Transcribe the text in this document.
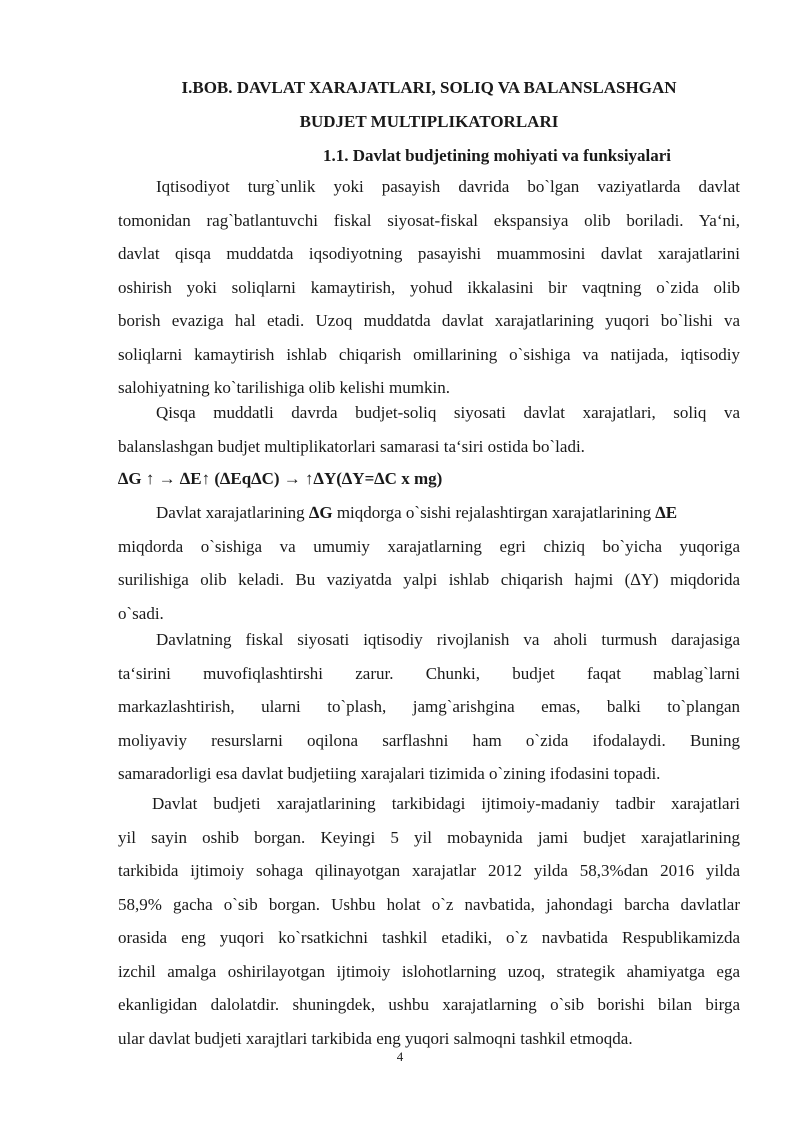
I.BOB. DAVLAT XARAJATLARI, SOLIQ VA BALANSLASHGAN
BUDJET MULTIPLIKATORLARI
1.1. Davlat budjetining mohiyati va funksiyalari
Iqtisodiyot turg`unlik yoki pasayish davrida bo`lgan vaziyatlarda davlat
tomonidan rag`batlantuvchi fiskal siyosat-fiskal ekspansiya olib boriladi. Ya‘ni,
davlat qisqa muddatda iqsodiyotning pasayishi muammosini davlat xarajatlarini
oshirish yoki soliqlarni kamaytirish, yohud ikkalasini bir vaqtning o`zida olib
borish evaziga hal etadi. Uzoq muddatda davlat xarajatlarining yuqori bo`lishi va
soliqlarni kamaytirish ishlab chiqarish omillarining o`sishiga va natijada, iqtisodiy
salohiyatning ko`tarilishiga olib kelishi mumkin.
Qisqa muddatli davrda budjet-soliq siyosati davlat xarajatlari, soliq va
balanslashgan budjet multiplikatorlari samarasi ta‘siri ostida bo`ladi.
∆G ↑ → ∆E↑ (∆Eq∆C) → ↑∆Y(∆Y=∆C x mg)
Davlat xarajatlarining ∆G miqdorga o`sishi rejalashtirgan xarajatlarining ∆E
miqdorda o`sishiga va umumiy xarajatlarning egri chiziq bo`yicha yuqoriga
surilishiga olib keladi. Bu vaziyatda yalpi ishlab chiqarish hajmi (∆Y) miqdorida
o`sadi.
Davlatning fiskal siyosati iqtisodiy rivojlanish va aholi turmush darajasiga
ta‘sirini muvofiqlashtirshi zarur. Chunki, budjet faqat mablag`larni
markazlashtirish, ularni to`plash, jamg`arishgina emas, balki to`plangan
moliyaviy resurslarni oqilona sarflashni ham o`zida ifodalaydi. Buning
samaradorligi esa davlat budjetiing xarajalari tizimida o`zining ifodasini topadi.
Davlat budjeti xarajatlarining tarkibidagi ijtimoiy-madaniy tadbir xarajatlari
yil sayin oshib borgan. Keyingi 5 yil mobaynida jami budjet xarajatlarining
tarkibida ijtimoiy sohaga qilinayotgan xarajatlar 2012 yilda 58,3%dan 2016 yilda
58,9% gacha o`sib borgan. Ushbu holat o`z navbatida, jahondagi barcha davlatlar
orasida eng yuqori ko`rsatkichni tashkil etadiki, o`z navbatida Respublikamizda
izchil amalga oshirilayotgan ijtimoiy islohotlarning uzoq, strategik ahamiyatga ega
ekanligidan dalolatdir. shuningdek, ushbu xarajatlarning o`sib borishi bilan birga
ular davlat budjeti xarajtlari tarkibida eng yuqori salmoqni tashkil etmoqda.
4
